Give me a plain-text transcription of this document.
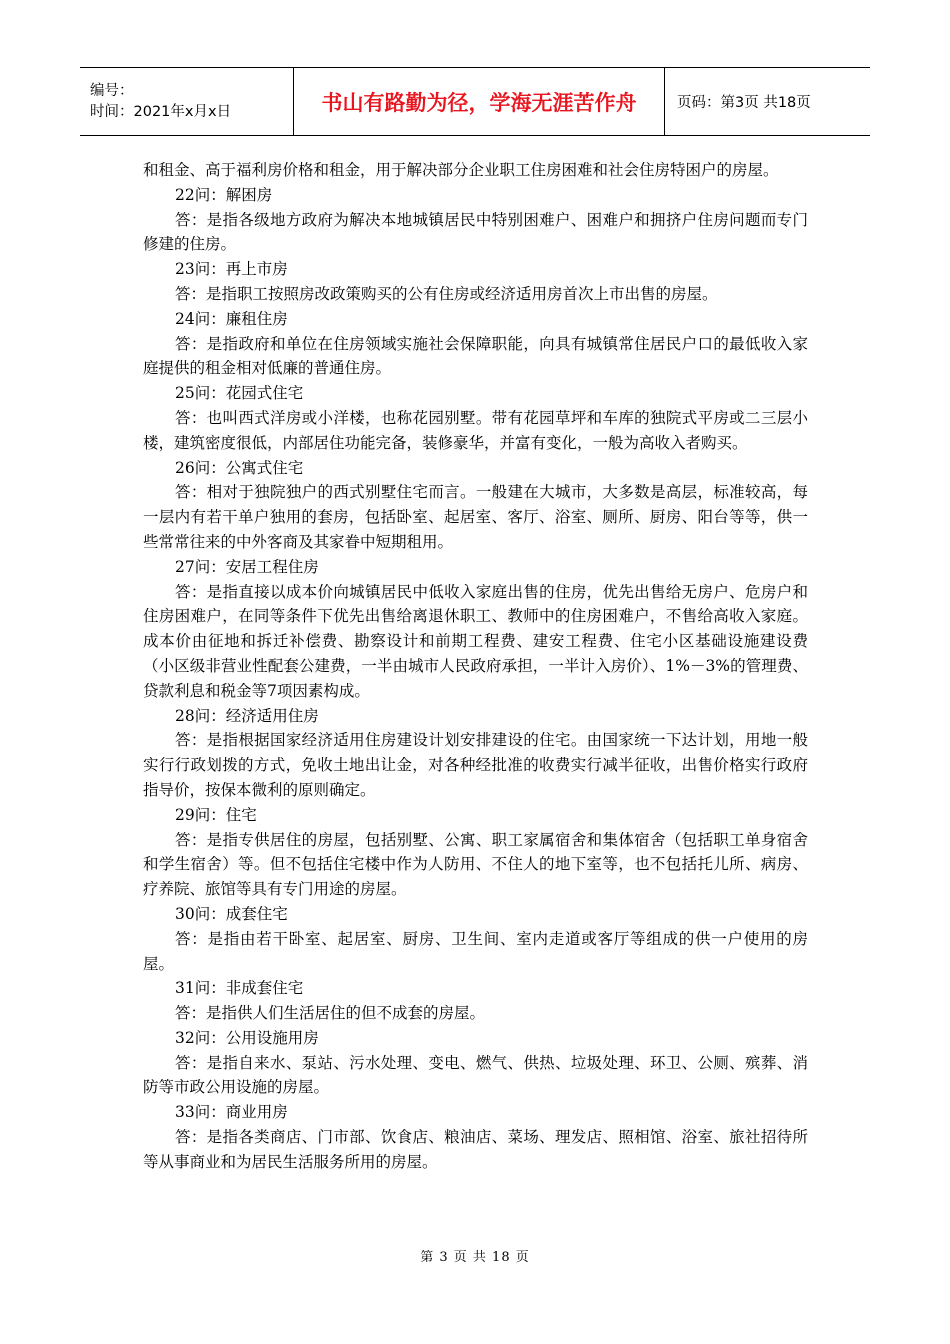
编号：
时间：2021年x月x日	书山有路勤为径，学海无涯苦作舟	页码：第3页 共18页

和租金、高于福利房价格和租金，用于解决部分企业职工住房困难和社会住房特困户的房屋。

22问：解困房

答：是指各级地方政府为解决本地城镇居民中特别困难户、困难户和拥挤户住房问题而专门修建的住房。

23问：再上市房

答：是指职工按照房改政策购买的公有住房或经济适用房首次上市出售的房屋。

24问：廉租住房

答：是指政府和单位在住房领域实施社会保障职能，向具有城镇常住居民户口的最低收入家庭提供的租金相对低廉的普通住房。

25问：花园式住宅

答：也叫西式洋房或小洋楼，也称花园别墅。带有花园草坪和车库的独院式平房或二三层小楼，建筑密度很低，内部居住功能完备，装修豪华，并富有变化，一般为高收入者购买。

26问：公寓式住宅

答：相对于独院独户的西式别墅住宅而言。一般建在大城市，大多数是高层，标准较高，每一层内有若干单户独用的套房，包括卧室、起居室、客厅、浴室、厕所、厨房、阳台等等，供一些常常往来的中外客商及其家眷中短期租用。

27问：安居工程住房

答：是指直接以成本价向城镇居民中低收入家庭出售的住房，优先出售给无房户、危房户和住房困难户，在同等条件下优先出售给离退休职工、教师中的住房困难户，不售给高收入家庭。成本价由征地和拆迁补偿费、勘察设计和前期工程费、建安工程费、住宅小区基础设施建设费（小区级非营业性配套公建费，一半由城市人民政府承担，一半计入房价）、1%－3%的管理费、贷款利息和税金等7项因素构成。

28问：经济适用住房

答：是指根据国家经济适用住房建设计划安排建设的住宅。由国家统一下达计划，用地一般实行行政划拨的方式，免收土地出让金，对各种经批准的收费实行减半征收，出售价格实行政府指导价，按保本微利的原则确定。

29问：住宅

答：是指专供居住的房屋，包括别墅、公寓、职工家属宿舍和集体宿舍（包括职工单身宿舍和学生宿舍）等。但不包括住宅楼中作为人防用、不住人的地下室等，也不包括托儿所、病房、疗养院、旅馆等具有专门用途的房屋。

30问：成套住宅

答：是指由若干卧室、起居室、厨房、卫生间、室内走道或客厅等组成的供一户使用的房屋。

31问：非成套住宅

答：是指供人们生活居住的但不成套的房屋。

32问：公用设施用房

答：是指自来水、泵站、污水处理、变电、燃气、供热、垃圾处理、环卫、公厕、殡葬、消防等市政公用设施的房屋。

33问：商业用房

答：是指各类商店、门市部、饮食店、粮油店、菜场、理发店、照相馆、浴室、旅社招待所等从事商业和为居民生活服务所用的房屋。

第 3 页 共 18 页
